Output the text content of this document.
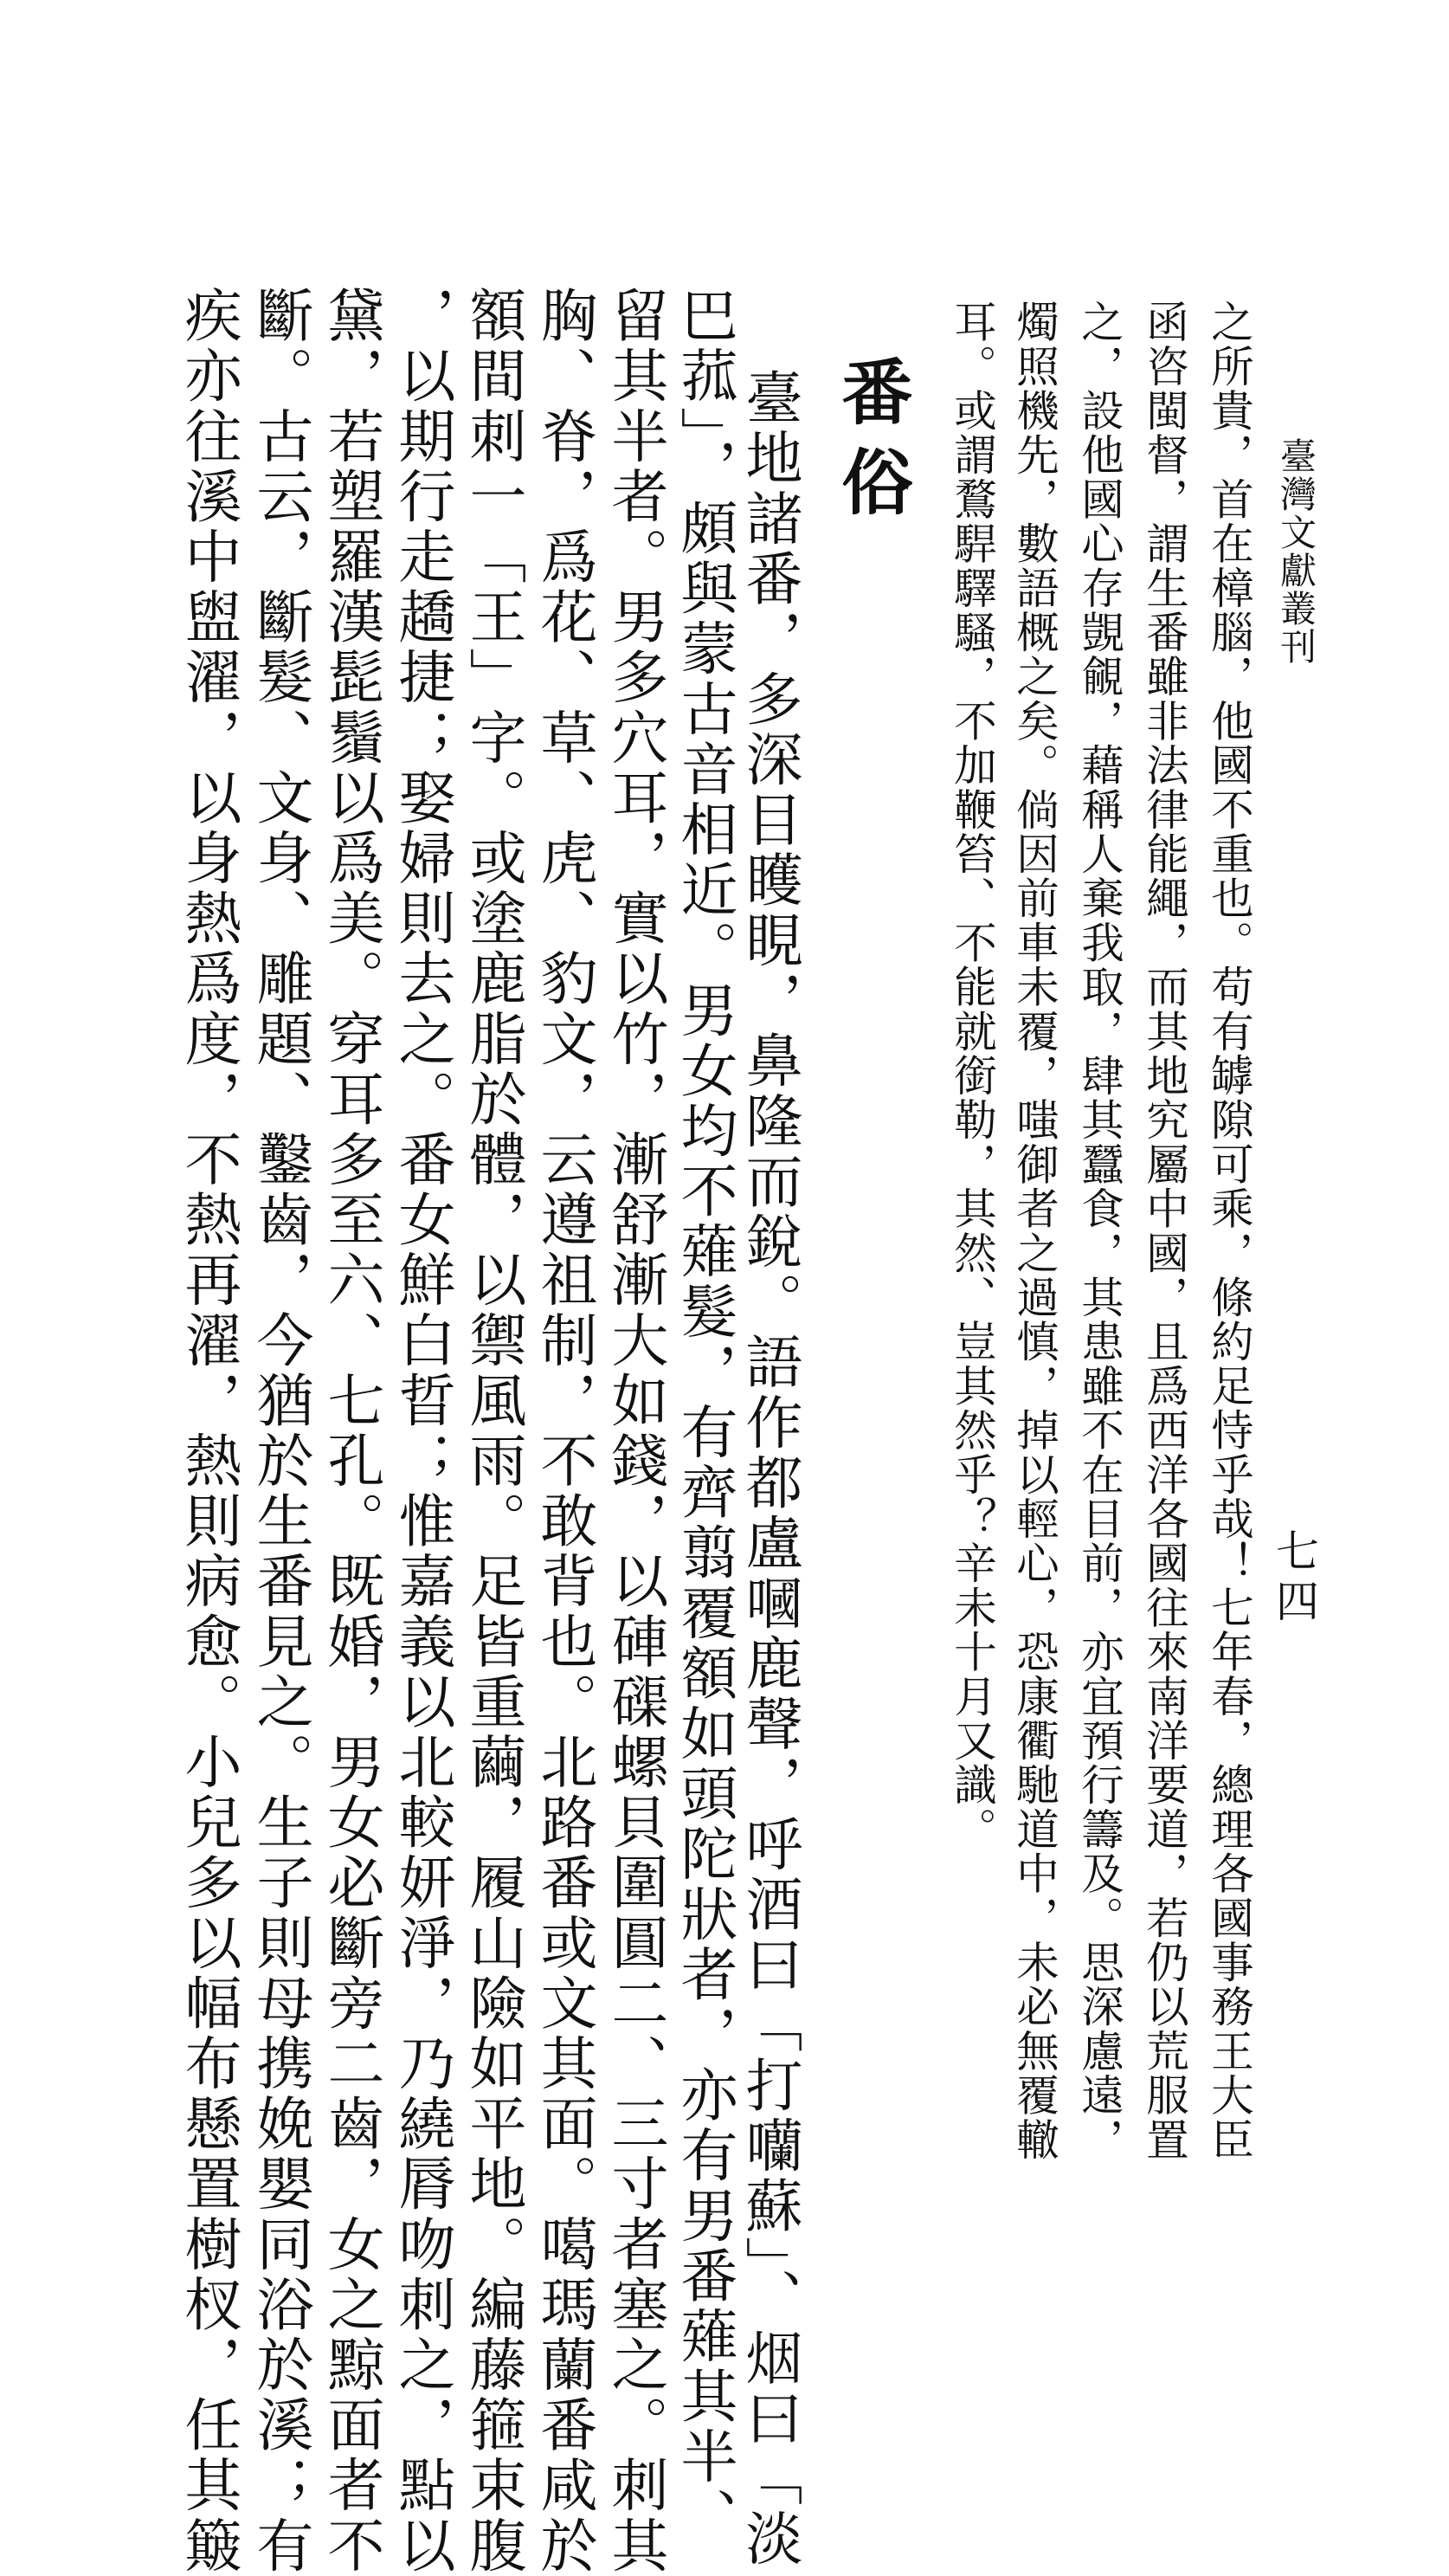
臺灣文獻叢刊
七四
之所貴，首在樟腦，他國不重也。苟有罅隙可乘，條約足恃乎哉！七年春，總理各國事務王大臣
函咨閩督，謂生番雖非法律能繩，而其地究屬中國，且爲西洋各國往來南洋要道，若仍以荒服置
之，設他國心存覬覦，藉稱人棄我取，肆其蠶食，其患雖不在目前，亦宜預行籌及。思深慮遠，
燭照機先，數語概之矣。倘因前車未覆，嗤御者之過慎，掉以輕心，恐康衢馳道中，未必無覆轍
耳。或謂鶩駻驛騷，不加鞭笞、不能就銜勒，其然、豈其然乎？辛未十月又識。
番俗
臺地諸番，多深目矆睍，鼻隆而銳。語作都盧嘓鹿聲，呼酒曰「打囒蘇」、烟曰「淡
巴菰」，頗與蒙古音相近。男女均不薙髮，有齊翦覆額如頭陀狀者，亦有男番薙其半、
留其半者。男多穴耳，實以竹，漸舒漸大如錢，以硨磲螺貝圍圓二、三寸者塞之。刺其
胸、脊，爲花、草、虎、豹文，云遵祖制，不敢背也。北路番或文其面。噶瑪蘭番咸於
額間刺一「王」字。或塗鹿脂於體，以禦風雨。足皆重繭，履山險如平地。編藤箍束腹
，以期行走趫捷；娶婦則去之。番女鮮白晢；惟嘉義以北較妍淨，乃繞脣吻刺之，點以
黛，若塑羅漢髭鬚以爲美。穿耳多至六、七孔。既婚，男女必斷旁二齒，女之黥面者不
斷。古云，斷髮、文身、雕題、鑿齒，今猶於生番見之。生子則母携娩嬰同浴於溪；有
疾亦往溪中盥濯，以身熱爲度，不熱再濯，熱則病愈。小兒多以幅布懸置樹杈，任其簸
